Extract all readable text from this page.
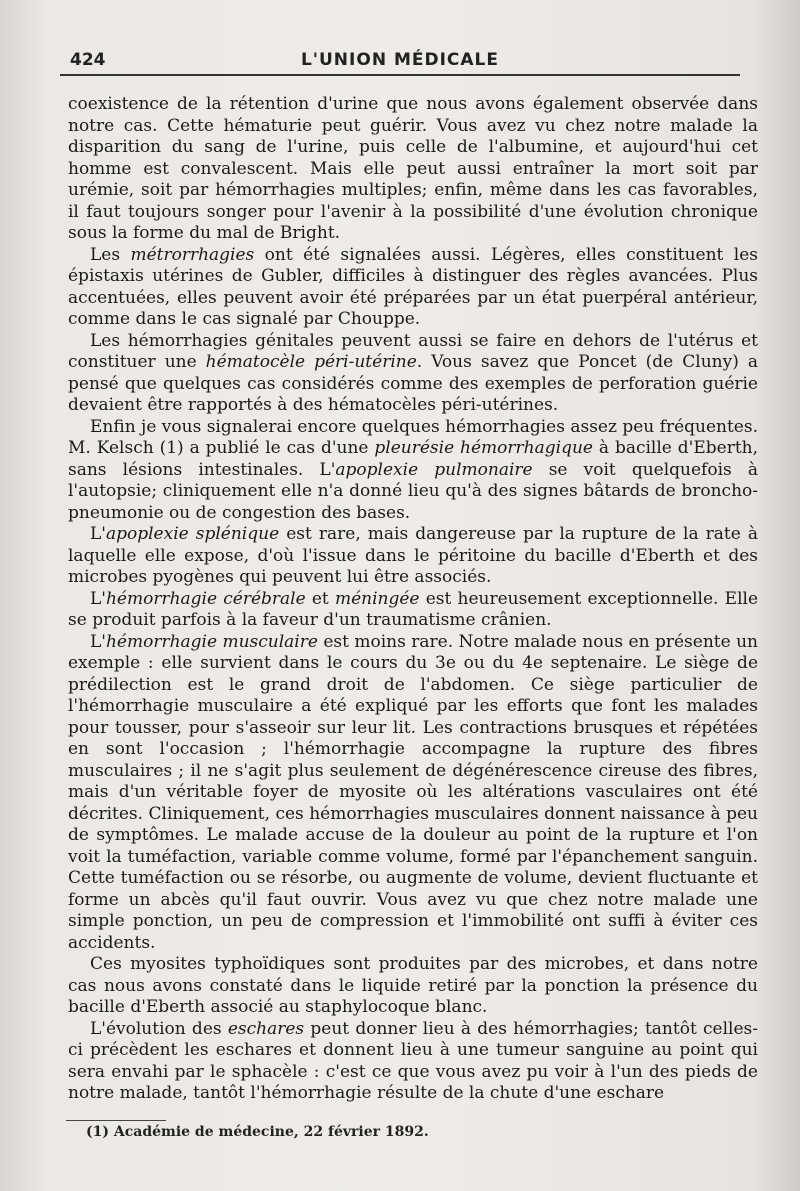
424	L'UNION MÉDICALE

coexistence de la rétention d'urine que nous avons également observée dans notre cas. Cette hématurie peut guérir. Vous avez vu chez notre malade la disparition du sang de l'urine, puis celle de l'albumine, et aujourd'hui cet homme est convalescent. Mais elle peut aussi entraîner la mort soit par urémie, soit par hémorrhagies multiples; enfin, même dans les cas favorables, il faut toujours songer pour l'avenir à la possibilité d'une évolution chronique sous la forme du mal de Bright.

Les métrorrhagies ont été signalées aussi. Légères, elles constituent les épistaxis utérines de Gubler, difficiles à distinguer des règles avancées. Plus accentuées, elles peuvent avoir été préparées par un état puerpéral antérieur, comme dans le cas signalé par Chouppe.

Les hémorrhagies génitales peuvent aussi se faire en dehors de l'utérus et constituer une hématocèle péri-utérine. Vous savez que Poncet (de Cluny) a pensé que quelques cas considérés comme des exemples de perforation guérie devaient être rapportés à des hématocèles péri-utérines.

Enfin je vous signalerai encore quelques hémorrhagies assez peu fréquentes. M. Kelsch (1) a publié le cas d'une pleurésie hémorrhagique à bacille d'Eberth, sans lésions intestinales. L'apoplexie pulmonaire se voit quelquefois à l'autopsie; cliniquement elle n'a donné lieu qu'à des signes bâtards de broncho-pneumonie ou de congestion des bases.

L'apoplexie splénique est rare, mais dangereuse par la rupture de la rate à laquelle elle expose, d'où l'issue dans le péritoine du bacille d'Eberth et des microbes pyogènes qui peuvent lui être associés.

L'hémorrhagie cérébrale et méningée est heureusement exceptionnelle. Elle se produit parfois à la faveur d'un traumatisme crânien.

L'hémorrhagie musculaire est moins rare. Notre malade nous en présente un exemple : elle survient dans le cours du 3e ou du 4e septenaire. Le siège de prédilection est le grand droit de l'abdomen. Ce siège particulier de l'hémorrhagie musculaire a été expliqué par les efforts que font les malades pour tousser, pour s'asseoir sur leur lit. Les contractions brusques et répétées en sont l'occasion ; l'hémorrhagie accompagne la rupture des fibres musculaires ; il ne s'agit plus seulement de dégénérescence cireuse des fibres, mais d'un véritable foyer de myosite où les altérations vasculaires ont été décrites. Cliniquement, ces hémorrhagies musculaires donnent naissance à peu de symptômes. Le malade accuse de la douleur au point de la rupture et l'on voit la tuméfaction, variable comme volume, formé par l'épanchement sanguin. Cette tuméfaction ou se résorbe, ou augmente de volume, devient fluctuante et forme un abcès qu'il faut ouvrir. Vous avez vu que chez notre malade une simple ponction, un peu de compression et l'immobilité ont suffi à éviter ces accidents.

Ces myosites typhoïdiques sont produites par des microbes, et dans notre cas nous avons constaté dans le liquide retiré par la ponction la présence du bacille d'Eberth associé au staphylocoque blanc.

L'évolution des eschares peut donner lieu à des hémorrhagies; tantôt celles-ci précèdent les eschares et donnent lieu à une tumeur sanguine au point qui sera envahi par le sphacèle : c'est ce que vous avez pu voir à l'un des pieds de notre malade, tantôt l'hémorrhagie résulte de la chute d'une eschare

(1) Académie de médecine, 22 février 1892.
